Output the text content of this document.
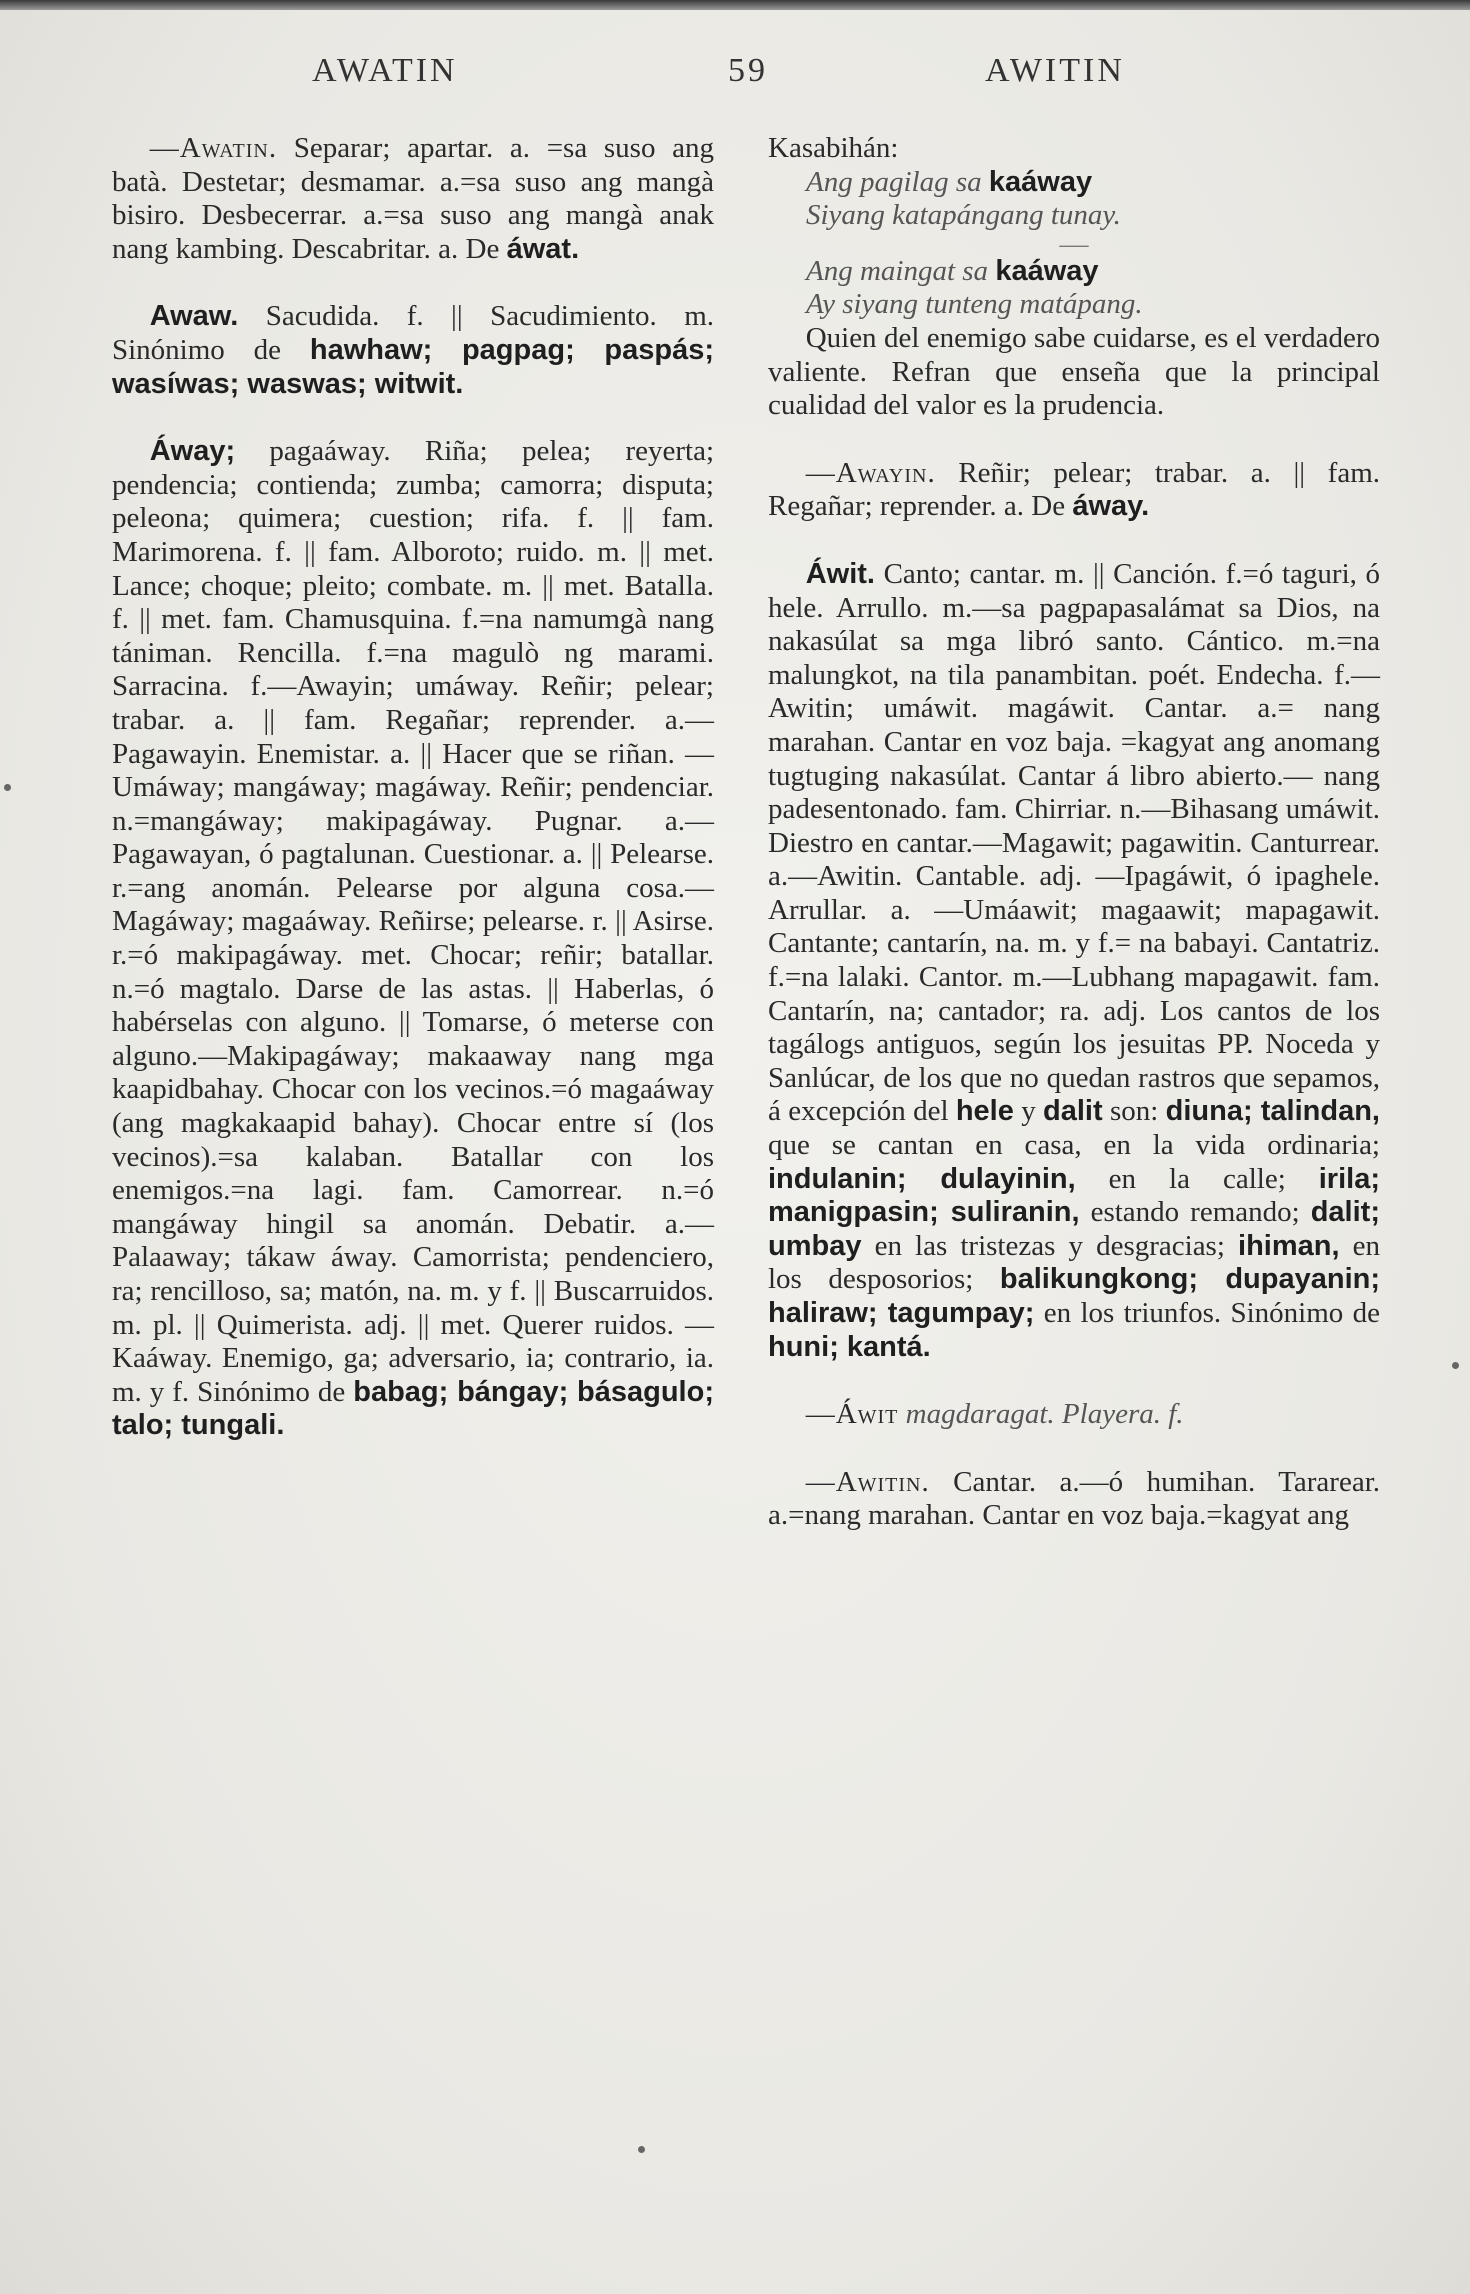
AWATIN	59	AWITIN
—Awatin. Separar; apartar. a. =sa suso ang batà. Destetar; desmamar. a.=sa suso ang mangà bisiro. Desbecerrar. a.=sa suso ang mangà anak nang kambing. Descabritar. a. De áwat.
Awaw. Sacudida. f. || Sacudimiento. m. Sinónimo de hawhaw; pagpag; paspás; wasíwas; waswas; witwit.
Áway; pagaáway. Riña; pelea; reyerta; pendencia; contienda; zumba; camorra; disputa; peleona; quimera; cuestion; rifa. f. || fam. Marimorena. f. || fam. Alboroto; ruido. m. || met. Lance; choque; pleito; combate. m. || met. Batalla. f. || met. fam. Chamusquina. f.=na namumgà nang tániman. Rencilla. f.=na magulò ng marami. Sarracina. f.—Awayin; umáway. Reñir; pelear; trabar. a. || fam. Regañar; reprender. a.—Pagawayin. Enemistar. a. || Hacer que se riñan. —Umáway; mangáway; magáway. Reñir; pendenciar. n.=mangáway; makipagáway. Pugnar. a.—Pagawayan, ó pagtalunan. Cuestionar. a. || Pelearse. r.=ang anomán. Pelearse por alguna cosa.—Magáway; magaáway. Reñirse; pelearse. r. || Asirse. r.=ó makipagáway. met. Chocar; reñir; batallar. n.=ó magtalo. Darse de las astas. || Haberlas, ó habérselas con alguno. || Tomarse, ó meterse con alguno.—Makipagáway; makaaway nang mga kaapidbahay. Chocar con los vecinos.=ó magaáway (ang magkakaapid bahay). Chocar entre sí (los vecinos).=sa kalaban. Batallar con los enemigos.=na lagi. fam. Camorrear. n.=ó mangáway hingil sa anomán. Debatir. a.—Palaaway; tákaw áway. Camorrista; pendenciero, ra; rencilloso, sa; matón, na. m. y f. || Buscarruidos. m. pl. || Quimerista. adj. || met. Querer ruidos. —Kaáway. Enemigo, ga; adversario, ia; contrario, ia. m. y f. Sinónimo de babag; bángay; básagulo; talo; tungali.
Kasabihán:
Ang pagilag sa kaáway
Siyang katapángang tunay.
—
Ang maingat sa kaáway
Ay siyang tunteng matápang.
Quien del enemigo sabe cuidarse, es el verdadero valiente. Refran que enseña que la principal cualidad del valor es la prudencia.
—Awayin. Reñir; pelear; trabar. a. || fam. Regañar; reprender. a. De áway.
Áwit. Canto; cantar. m. || Canción. f.=ó taguri, ó hele. Arrullo. m.—sa pagpapasalámat sa Dios, na nakasúlat sa mga libró santo. Cántico. m.=na malungkot, na tila panambitan. poét. Endecha. f.—Awitin; umáwit. magáwit. Cantar. a.= nang marahan. Cantar en voz baja. =kagyat ang anomang tugtuging nakasúlat. Cantar á libro abierto.— nang padesentonado. fam. Chirriar. n.—Bihasang umáwit. Diestro en cantar.—Magawit; pagawitin. Canturrear. a.—Awitin. Cantable. adj. —Ipagáwit, ó ipaghele. Arrullar. a. —Umáawit; magaawit; mapagawit. Cantante; cantarín, na. m. y f.= na babayi. Cantatriz. f.=na lalaki. Cantor. m.—Lubhang mapagawit. fam. Cantarín, na; cantador; ra. adj. Los cantos de los tagálogs antiguos, según los jesuitas PP. Noceda y Sanlúcar, de los que no quedan rastros que sepamos, á excepción del hele y dalit son: diuna; talindan, que se cantan en casa, en la vida ordinaria; indulanin; dulayinin, en la calle; irila; manigpasin; suliranin, estando remando; dalit; umbay en las tristezas y desgracias; ihiman, en los desposorios; balikungkong; dupayanin; haliraw; tagumpay; en los triunfos. Sinónimo de huni; kantá.
—Áwit magdaragat. Playera. f.
—Awitin. Cantar. a.—ó humihan. Tararear. a.=nang marahan. Cantar en voz baja.=kagyat ang
